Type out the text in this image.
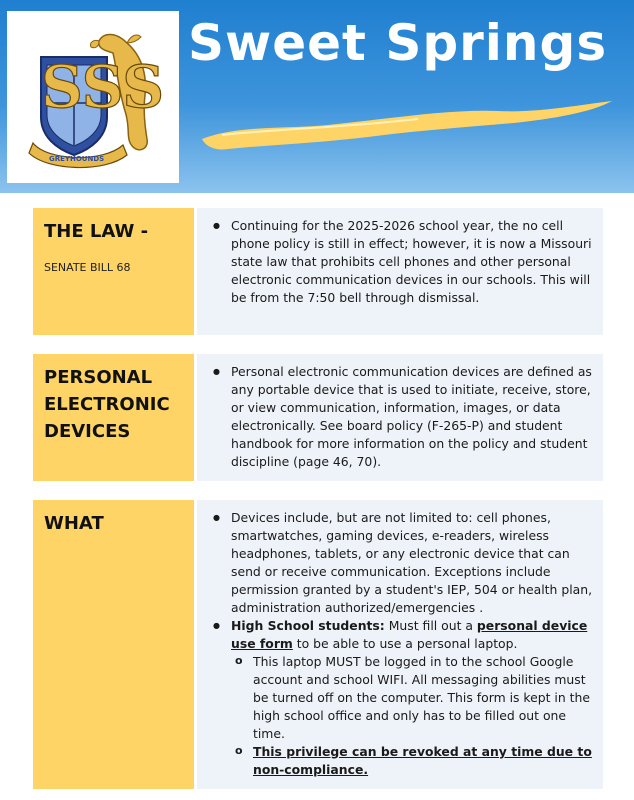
SSS
GREYHOUNDS
Sweet Springs
THE LAW -
SENATE BILL 68
● Continuing for the 2025-2026 school year, the no cell phone policy is still in effect; however, it is now a Missouri state law that prohibits cell phones and other personal electronic communication devices in our schools. This will be from the 7:50 bell through dismissal.
PERSONAL
ELECTRONIC
DEVICES
● Personal electronic communication devices are defined as any portable device that is used to initiate, receive, store, or view communication, information, images, or data electronically. See board policy (F-265-P) and student handbook for more information on the policy and student discipline (page 46, 70).
WHAT
●	Devices include, but are not limited to: cell phones, smartwatches, gaming devices, e-readers, wireless headphones, tablets, or any electronic device that can send or receive communication. Exceptions include permission granted by a student's IEP, 504 or health plan, administration authorized/emergencies .
● High School students: Must fill out a personal device use form to be able to use a personal laptop.
o This laptop MUST be logged in to the school Google account and school WIFI. All messaging abilities must be turned off on the computer. This form is kept in the high school office and only has to be filled out one time.
o This privilege can be revoked at any time due to non-compliance.
